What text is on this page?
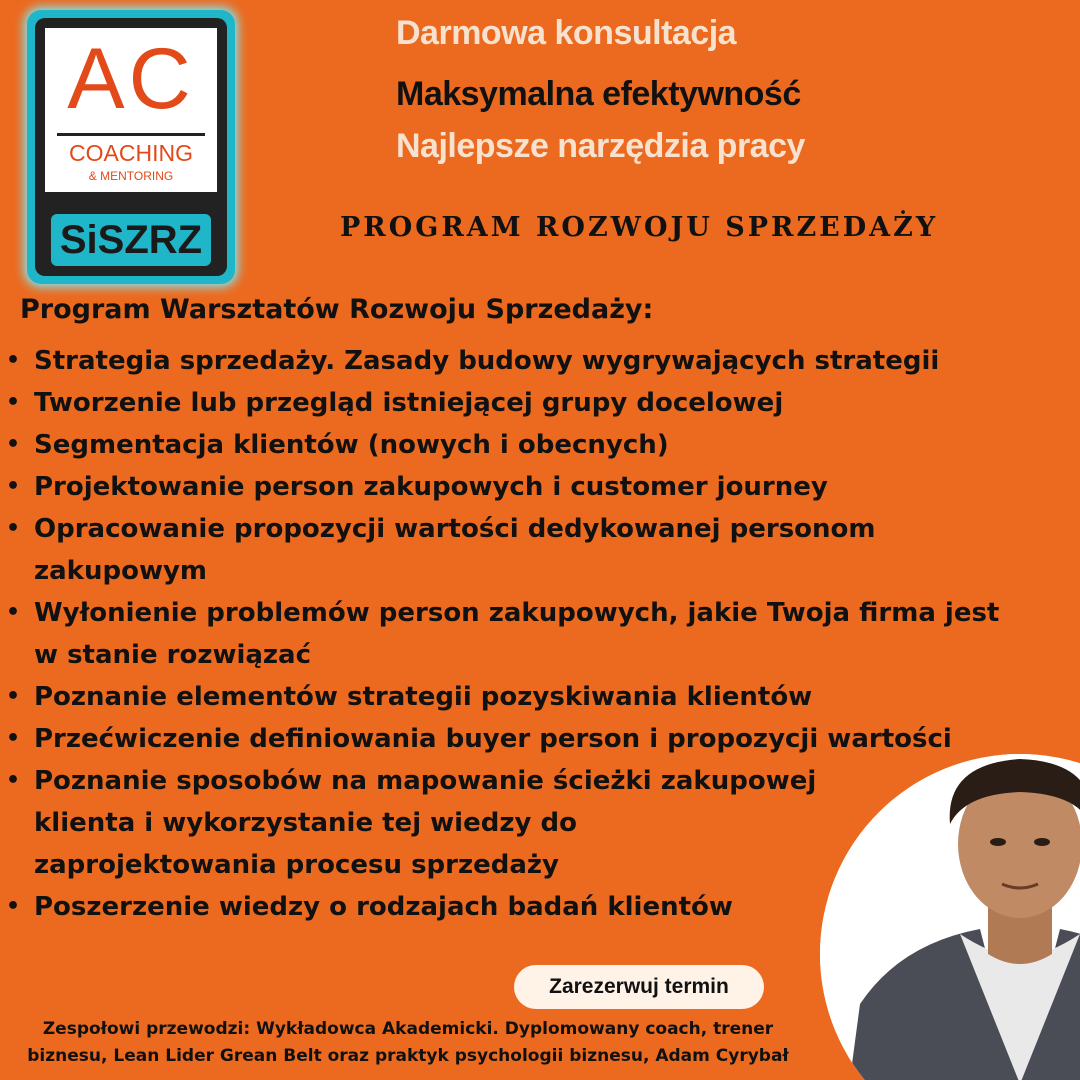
AC
COACHING
& MENTORING
SiSZRZ
Darmowa konsultacja
Maksymalna efektywność
Najlepsze narzędzia pracy
PROGRAM ROZWOJU SPRZEDAŻY
Program Warsztatów Rozwoju Sprzedaży:
• Strategia sprzedaży. Zasady budowy wygrywających strategii
• Tworzenie lub przegląd istniejącej grupy docelowej
• Segmentacja klientów (nowych i obecnych)
• Projektowanie person zakupowych i customer journey
• Opracowanie propozycji wartości dedykowanej personom zakupowym
• Wyłonienie problemów person zakupowych, jakie Twoja firma jest w stanie rozwiązać
• Poznanie elementów strategii pozyskiwania klientów
• Przećwiczenie definiowania buyer person i propozycji wartości
• Poznanie sposobów na mapowanie ścieżki zakupowej klienta i wykorzystanie tej wiedzy do zaprojektowania procesu sprzedaży
• Poszerzenie wiedzy o rodzajach badań klientów
Zarezerwuj termin
Zespołowi przewodzi: Wykładowca Akademicki. Dyplomowany coach, trener biznesu, Lean Lider Grean Belt oraz praktyk psychologii biznesu, Adam Cyrybał
